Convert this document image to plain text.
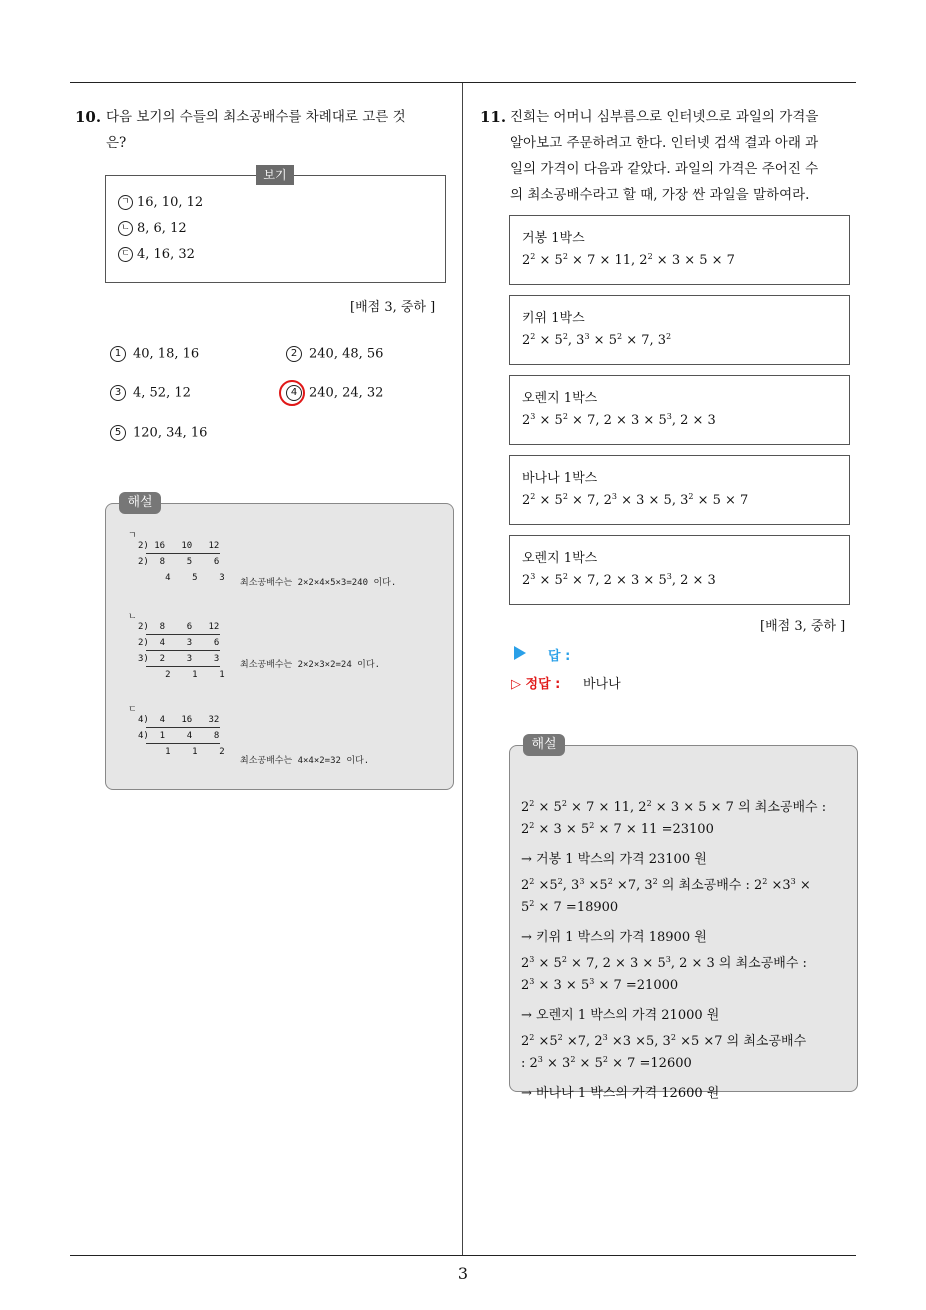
10. 다음 보기의 수들의 최소공배수를 차례대로 고른 것
은?
보기
ㄱ 16, 10, 12
ㄴ 8, 6, 12
ㄷ 4, 16, 32
[배점 3, 중하 ]
1 40, 18, 16	2 240, 48, 56
3 4, 52, 12	4 240, 24, 32
5 120, 34, 16
해설
ㄱ
2) 16   10   12
2)  8    5    6
4    5    3 최소공배수는 2×2×4×5×3=240 이다.
ㄴ
2)  8    6   12
2)  4    3    6
3)  2    3    3
2    1    1
최소공배수는 2×2×3×2=24 이다.
ㄷ
4)  4   16   32
4)  1    4    8
1    1    2
최소공배수는 4×4×2=32 이다.
11. 진희는 어머니 심부름으로 인터넷으로 과일의 가격을
알아보고 주문하려고 한다. 인터넷 검색 결과 아래 과
일의 가격이 다음과 같았다. 과일의 가격은 주어진 수
의 최소공배수라고 할 때, 가장 싼 과일을 말하여라.
거봉 1박스
$2^2 \times 5^2 \times 7 \times 11$, $2^2 \times 3 \times 5 \times 7$
키위 1박스
$2^2 \times 5^2$, $3^3 \times 5^2 \times 7$, $3^2$
오렌지 1박스
$2^3 \times 5^2 \times 7$, $2 \times 3 \times 5^3$, 2 × 3
바나나 1박스
$2^2 \times 5^2 \times 7$, $2^3 \times 3 \times 5$, $3^2 \times 5 \times 7$
오렌지 1박스
$2^3 \times 5^2 \times 7$, $2 \times 3 \times 5^3$, 2 × 3
[배점 3, 중하 ]
답 :
▷ 정답 : 바나나
해설
$2^2 \times 5^2 \times 7 \times 11$, $2^2 \times 3 \times 5 \times 7$ 의 최소공배수 :
$2^2 \times 3 \times 5^2 \times 7 \times 11 =23100$
→ 거봉 1 박스의 가격 23100 원
$2^2 \times 5^2$, $3^3 \times 5^2 \times 7$, $3^2$ 의 최소공배수 : $2^2 \times 3^3$ ×
$5^2 \times 7 =18900$
→ 키위 1 박스의 가격 18900 원
$2^3 \times 5^2 \times 7$, $2 \times 3 \times 5^3$, 2 × 3 의 최소공배수 :
$2^3 \times 3 \times 5^3 \times 7 =21000$
→ 오렌지 1 박스의 가격 21000 원
$2^2 \times 5^2 \times 7$, $2^3 \times 3 \times 5$, $3^2 \times 5 \times 7$ 의 최소공배수
: $2^3 \times 3^2 \times 5^2 \times 7 =12600$
→ 바나나 1 박스의 가격 12600 원
3
